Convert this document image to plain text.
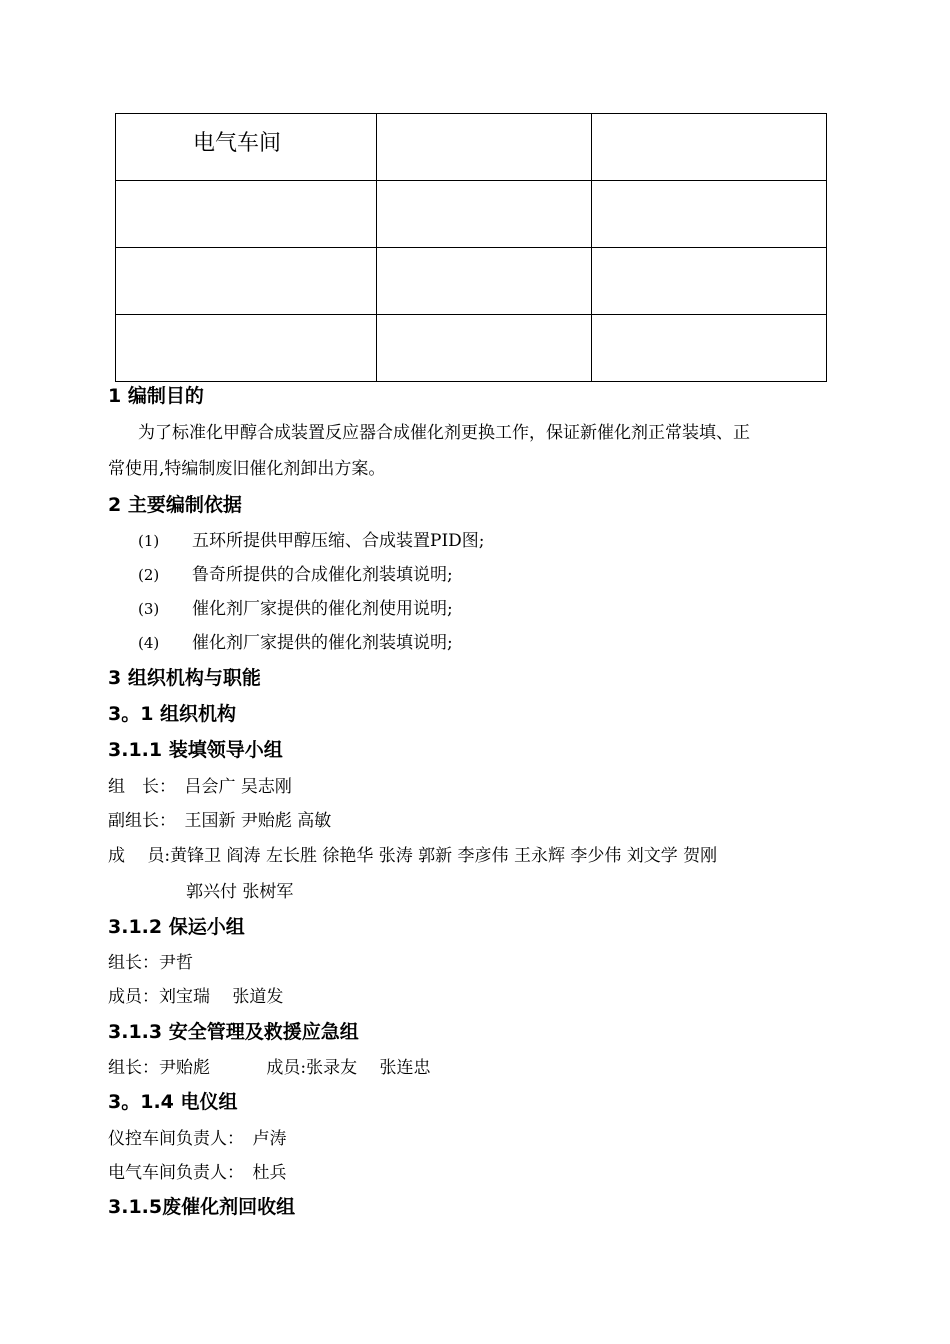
电气车间		

1 编制目的
为了标准化甲醇合成装置反应器合成催化剂更换工作，保证新催化剂正常装填、正
常使用,特编制废旧催化剂卸出方案。
2 主要编制依据
(1) 五环所提供甲醇压缩、合成装置PID图;
(2) 鲁奇所提供的合成催化剂装填说明;
(3) 催化剂厂家提供的催化剂使用说明;
(4) 催化剂厂家提供的催化剂装填说明;
3 组织机构与职能
3。1 组织机构
3.1.1 装填领导小组
组　长：　吕会广 吴志刚
副组长：　王国新 尹贻彪 高敏
成　 员:黄锋卫 阎涛 左长胜 徐艳华 张涛 郭新 李彦伟 王永辉 李少伟 刘文学 贺刚
郭兴付 张树军
3.1.2 保运小组
组长：尹哲
成员：刘宝瑞　 张道发
3.1.3 安全管理及救援应急组
组长：尹贻彪　　　 成员:张录友　 张连忠
3。1.4 电仪组
仪控车间负责人：　卢涛
电气车间负责人：　杜兵
3.1.5废催化剂回收组
